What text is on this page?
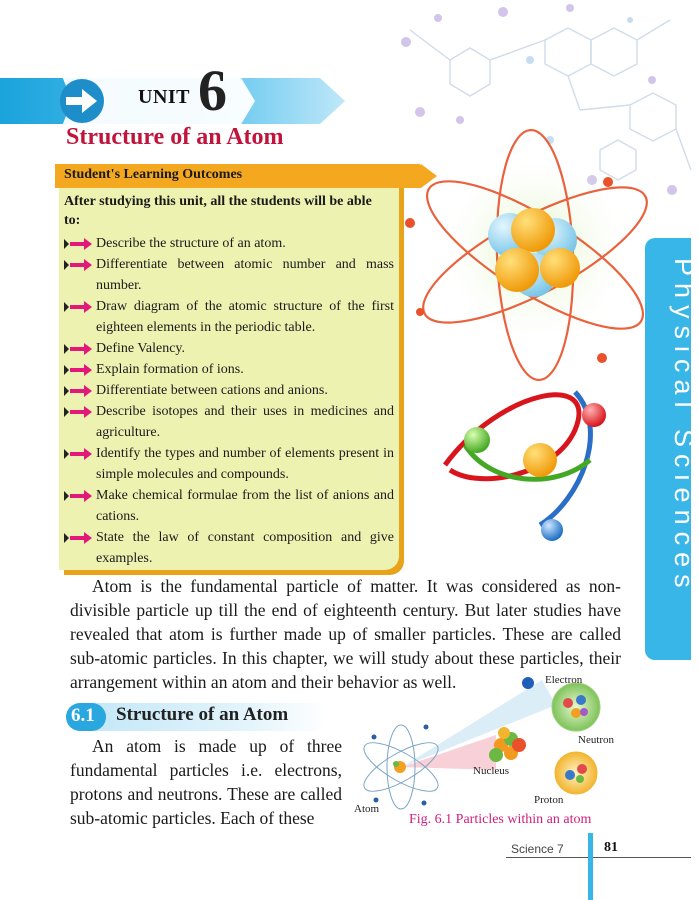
UNIT 6
Structure of an Atom
Student's Learning Outcomes
After studying this unit, all the students will be able to:
Describe the structure of an atom.
Differentiate between atomic number and mass number.
Draw diagram of the atomic structure of the first eighteen elements in the periodic table.
Define Valency.
Explain formation of ions.
Differentiate between cations and anions.
Describe isotopes and their uses in medicines and agriculture.
Identify the types and number of elements present in simple molecules and compounds.
Make chemical formulae from the list of anions and cations.
State the law of constant composition and give examples.	Physical Sciences
Atom is the fundamental particle of matter. It was considered as non-divisible particle up till the end of eighteenth century. But later studies have revealed that atom is further made up of smaller particles. These are called sub-atomic particles. In this chapter, we will study about these particles, their arrangement within an atom and their behavior as well.
6.1 Structure of an Atom
An atom is made up of three fundamental particles i.e. electrons, protons and neutrons. These are called sub-atomic particles. Each of these
Electron
Neutron
Nucleus
Proton
Atom
Fig. 6.1 Particles within an atom
Science 7	81
